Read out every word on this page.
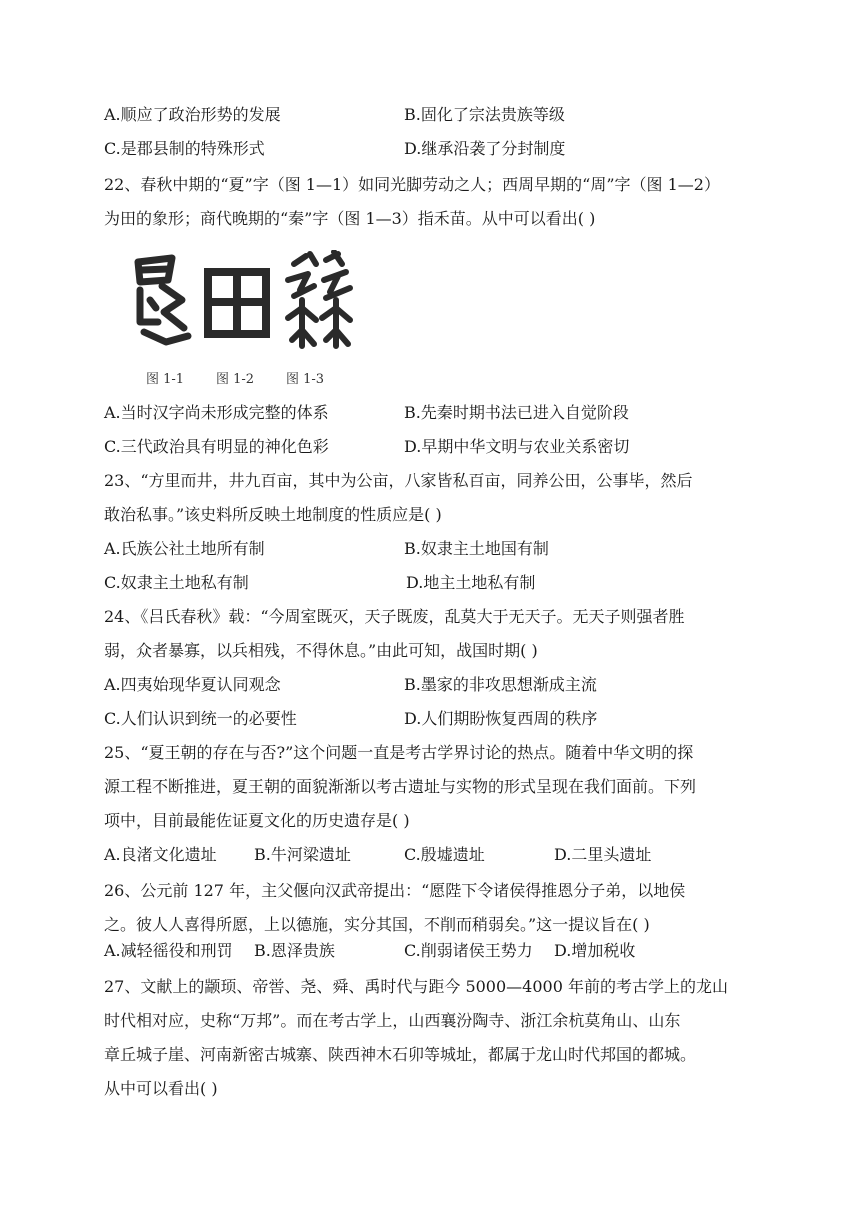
A.顺应了政治形势的发展	B.固化了宗法贵族等级
C.是郡县制的特殊形式	D.继承沿袭了分封制度
22、春秋中期的“夏”字（图 1—1）如同光脚劳动之人；西周早期的“周”字（图 1—2）
为田的象形；商代晚期的“秦”字（图 1—3）指禾苗。从中可以看出( )
图 1-1 图 1-2 图 1-3
A.当时汉字尚未形成完整的体系	B.先秦时期书法已进入自觉阶段
C.三代政治具有明显的神化色彩	D.早期中华文明与农业关系密切
23、“方里而井，井九百亩，其中为公亩，八家皆私百亩，同养公田，公事毕，然后
敢治私事。”该史料所反映土地制度的性质应是( )
A.氏族公社土地所有制	B.奴隶主土地国有制
C.奴隶主土地私有制	D.地主土地私有制
24、《吕氏春秋》载：“今周室既灭，天子既废，乱莫大于无天子。无天子则强者胜
弱，众者暴寡，以兵相残，不得休息。”由此可知，战国时期( )
A.四夷始现华夏认同观念	B.墨家的非攻思想渐成主流
C.人们认识到统一的必要性	D.人们期盼恢复西周的秩序
25、“夏王朝的存在与否?”这个问题一直是考古学界讨论的热点。随着中华文明的探
源工程不断推进，夏王朝的面貌渐渐以考古遗址与实物的形式呈现在我们面前。下列
项中，目前最能佐证夏文化的历史遗存是( )
A.良渚文化遗址 B.牛河梁遗址	C.殷墟遗址	D.二里头遗址
26、公元前 127 年，主父偃向汉武帝提出：“愿陛下令诸侯得推恩分子弟，以地侯
之。彼人人喜得所愿，上以德施，实分其国，不削而稍弱矣。”这一提议旨在( )
A.减轻徭役和刑罚 B.恩泽贵族	C.削弱诸侯王势力 D.增加税收
27、文献上的颛顼、帝喾、尧、舜、禹时代与距今 5000—4000 年前的考古学上的龙山
时代相对应，史称“万邦”。而在考古学上，山西襄汾陶寺、浙江余杭莫角山、山东
章丘城子崖、河南新密古城寨、陕西神木石卯等城址，都属于龙山时代邦国的都城。
从中可以看出( )
